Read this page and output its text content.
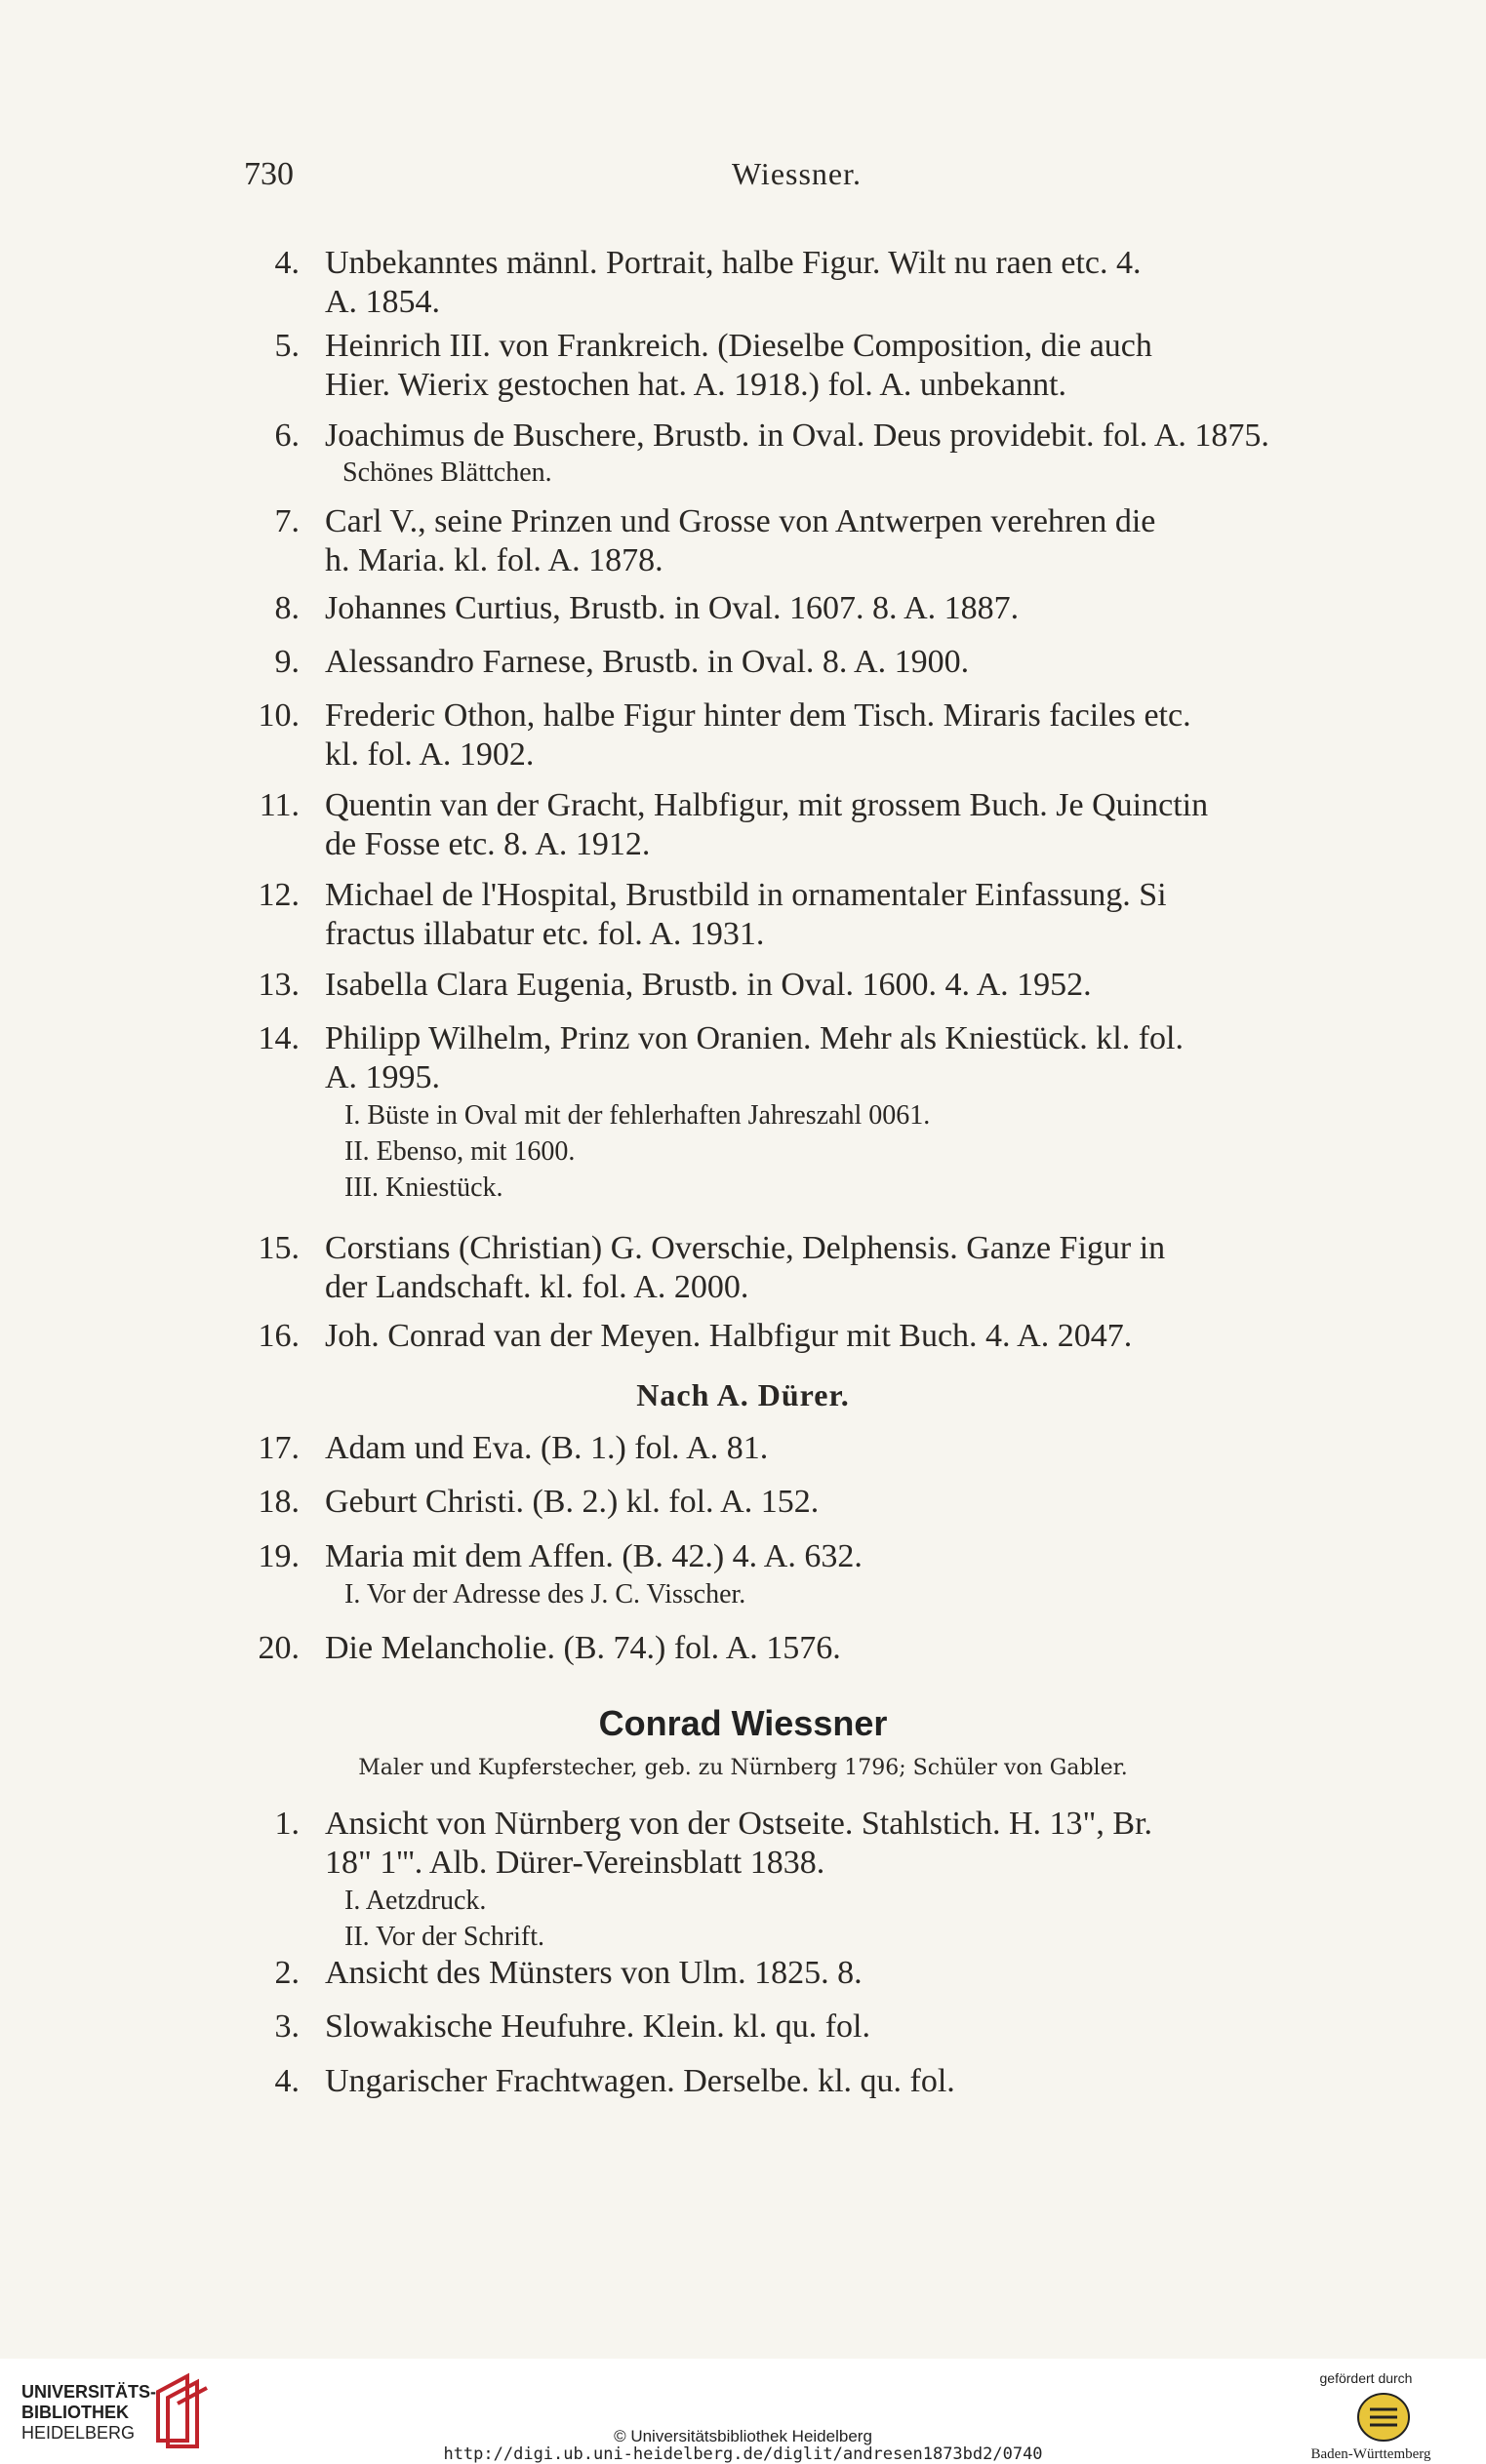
730	Wiessner.
4. Unbekanntes männl. Portrait, halbe Figur. Wilt nu raen etc. 4.
A. 1854.
5. Heinrich III. von Frankreich. (Dieselbe Composition, die auch
Hier. Wierix gestochen hat. A. 1918.) fol. A. unbekannt.
6. Joachimus de Buschere, Brustb. in Oval. Deus providebit. fol. A. 1875.
Schönes Blättchen.
7. Carl V., seine Prinzen und Grosse von Antwerpen verehren die
h. Maria. kl. fol. A. 1878.
8. Johannes Curtius, Brustb. in Oval. 1607. 8. A. 1887.
9. Alessandro Farnese, Brustb. in Oval. 8. A. 1900.
10. Frederic Othon, halbe Figur hinter dem Tisch. Miraris faciles etc.
kl. fol. A. 1902.
11. Quentin van der Gracht, Halbfigur, mit grossem Buch. Je Quinctin
de Fosse etc. 8. A. 1912.
12. Michael de l'Hospital, Brustbild in ornamentaler Einfassung. Si
fractus illabatur etc. fol. A. 1931.
13. Isabella Clara Eugenia, Brustb. in Oval. 1600. 4. A. 1952.
14. Philipp Wilhelm, Prinz von Oranien. Mehr als Kniestück. kl. fol.
A. 1995.
I. Büste in Oval mit der fehlerhaften Jahreszahl 0061.
II. Ebenso, mit 1600.
III. Kniestück.
15. Corstians (Christian) G. Overschie, Delphensis. Ganze Figur in
der Landschaft. kl. fol. A. 2000.
16. Joh. Conrad van der Meyen. Halbfigur mit Buch. 4. A. 2047.
Nach A. Dürer.
17. Adam und Eva. (B. 1.) fol. A. 81.
18. Geburt Christi. (B. 2.) kl. fol. A. 152.
19. Maria mit dem Affen. (B. 42.) 4. A. 632.
I. Vor der Adresse des J. C. Visscher.
20. Die Melancholie. (B. 74.) fol. A. 1576.
Conrad Wiessner
Maler und Kupferstecher, geb. zu Nürnberg 1796; Schüler von Gabler.
1. Ansicht von Nürnberg von der Ostseite. Stahlstich. H. 13", Br.
18" 1'''. Alb. Dürer-Vereinsblatt 1838.
I. Aetzdruck.
II. Vor der Schrift.
2. Ansicht des Münsters von Ulm. 1825. 8.
3. Slowakische Heufuhre. Klein. kl. qu. fol.
4. Ungarischer Frachtwagen. Derselbe. kl. qu. fol.
UNIVERSITÄTS-
BIBLIOTHEK
HEIDELBERG	© Universitätsbibliothek Heidelberg
http://digi.ub.uni-heidelberg.de/diglit/andresen1873bd2/0740
gefördert durch
Baden-Württemberg
